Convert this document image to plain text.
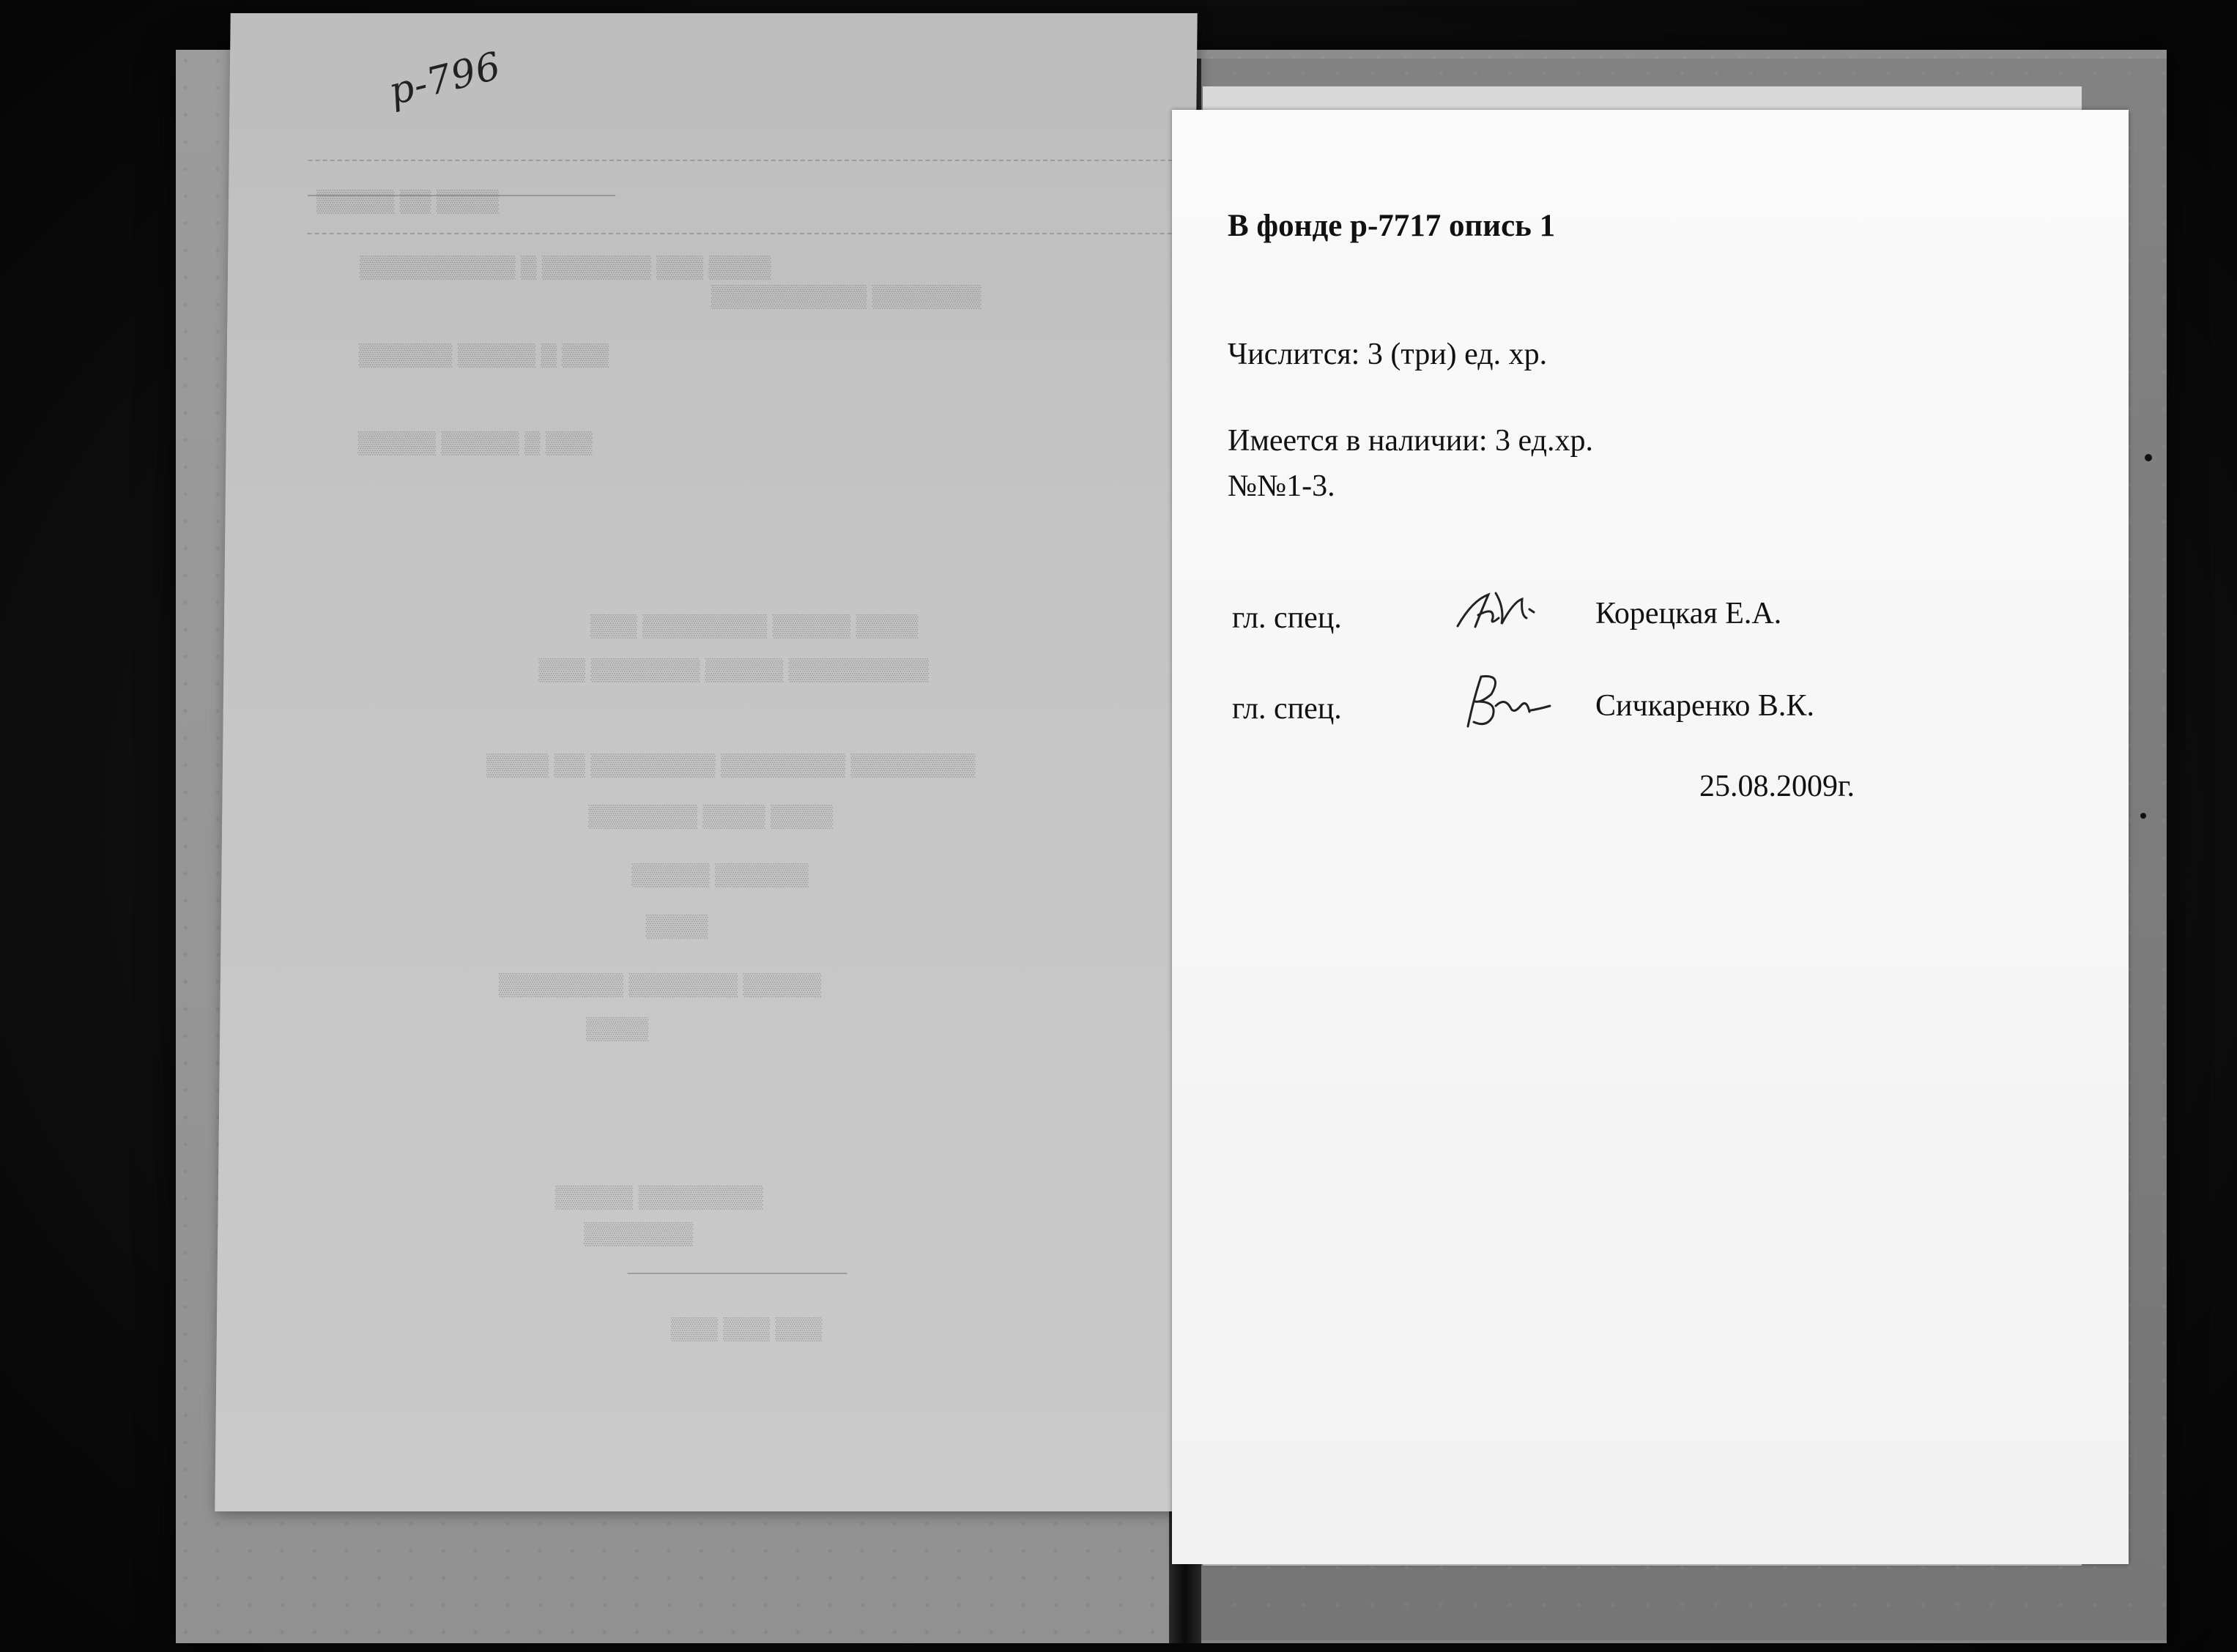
▒▒▒▒ ▒▒ ▒▒▒▒▒
▒▒▒▒ ▒▒▒ ▒▒▒▒▒▒▒ ▒ ▒▒▒▒▒▒▒▒▒▒
▒▒▒▒▒▒▒ ▒▒▒▒▒▒▒▒▒▒
▒▒▒ ▒ ▒▒▒▒▒ ▒▒▒▒▒▒
▒▒▒ ▒ ▒▒▒▒▒ ▒▒▒▒▒
▒▒▒▒ ▒▒▒▒▒ ▒▒▒▒▒▒▒▒ ▒▒▒
▒▒▒▒▒▒▒▒▒ ▒▒▒▒▒ ▒▒▒▒▒▒▒ ▒▒▒
▒▒▒▒▒▒▒▒ ▒▒▒▒▒▒▒▒ ▒▒▒▒▒▒▒▒ ▒▒ ▒▒▒▒
▒▒▒▒ ▒▒▒▒ ▒▒▒▒▒▒▒
▒▒▒▒▒▒ ▒▒▒▒▒
▒▒▒▒
▒▒▒▒▒ ▒▒▒▒▒▒▒ ▒▒▒▒▒▒▒▒
▒▒▒▒
▒▒▒▒▒▒▒▒ ▒▒▒▒▒
▒▒▒▒▒▒▒
▒▒▒ ▒▒▒ ▒▒▒
р-796
В фонде р-7717 опись 1
Числится: 3 (три) ед. хр.
Имеется в наличии: 3 ед.хр.
№№1-3.
гл. спец.	Корецкая Е.А.
гл. спец.	Сичкаренко В.К.
25.08.2009г.
